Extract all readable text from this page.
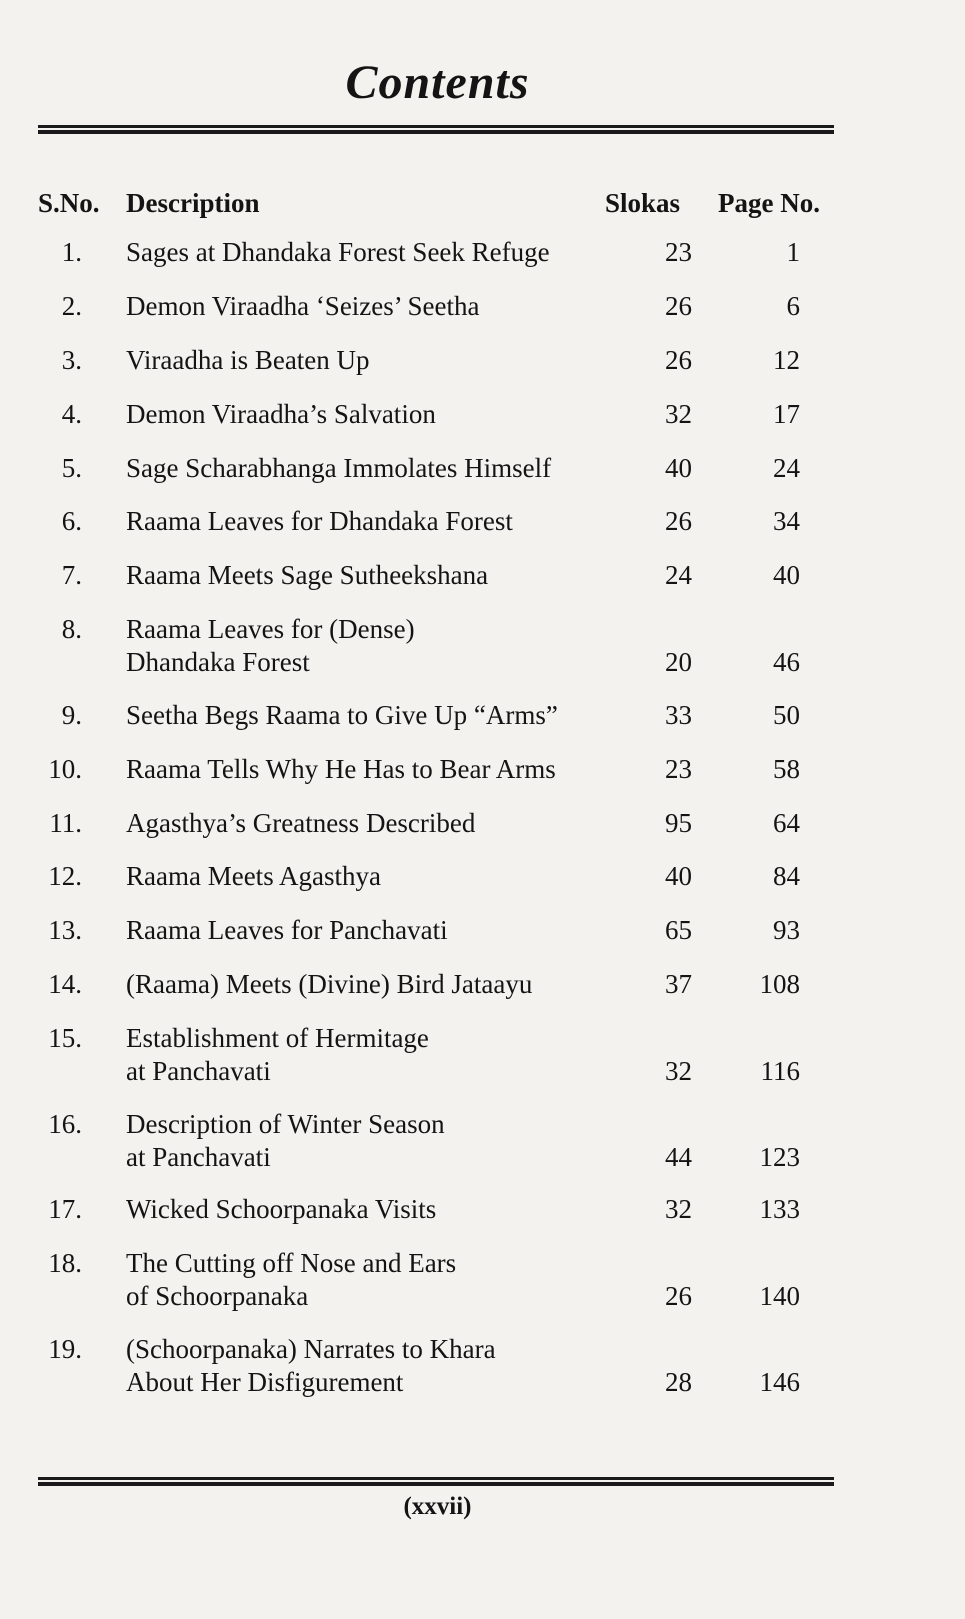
Contents
S.No. Description	Slokas Page No.
1. Sages at Dhandaka Forest Seek Refuge	23	1
2. Demon Viraadha ‘Seizes’ Seetha	26	6
3. Viraadha is Beaten Up	26	12
4. Demon Viraadha’s Salvation	32	17
5. Sage Scharabhanga Immolates Himself	40	24
6. Raama Leaves for Dhandaka Forest	26	34
7. Raama Meets Sage Sutheekshana	24	40
8. Raama Leaves for (Dense)
Dhandaka Forest	20	46
9. Seetha Begs Raama to Give Up “Arms”	33	50
10. Raama Tells Why He Has to Bear Arms	23	58
11. Agasthya’s Greatness Described	95	64
12. Raama Meets Agasthya	40	84
13. Raama Leaves for Panchavati	65	93
14. (Raama) Meets (Divine) Bird Jataayu	37	108
15. Establishment of Hermitage
at Panchavati	32	116
16. Description of Winter Season
at Panchavati	44	123
17. Wicked Schoorpanaka Visits	32	133
18. The Cutting off Nose and Ears
of Schoorpanaka	26	140
19. (Schoorpanaka) Narrates to Khara
About Her Disfigurement	28	146
(xxvii)
